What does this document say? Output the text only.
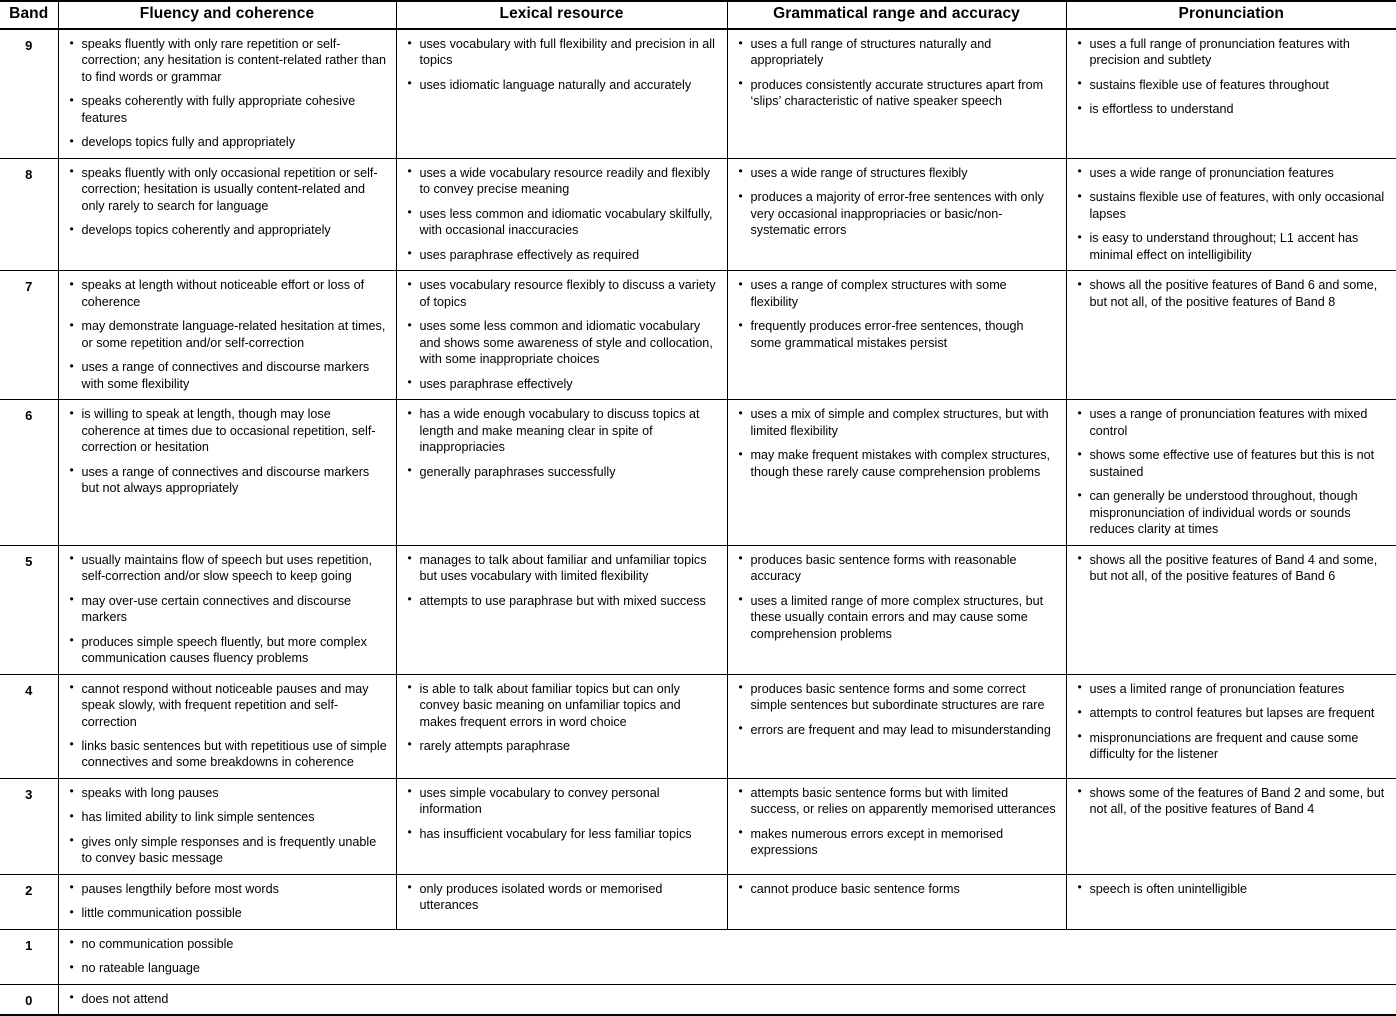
Band	Fluency and coherence	Lexical resource	Grammatical range and accuracy	Pronunciation
9	
•speaks fluently with only rare repetition or self-correction; any hesitation is content-related rather than to find words or grammar
• speaks coherently with fully appropriate cohesive features
• develops topics fully and appropriately

• uses vocabulary with full flexibility and precision in all topics
• uses idiomatic language naturally and accurately

• uses a full range of structures naturally and appropriately
• produces consistently accurate structures apart from ‘slips’ characteristic of native speaker speech

• uses a full range of pronunciation features with precision and subtlety
• sustains flexible use of features throughout
• is effortless to understand

8	
•speaks fluently with only occasional repetition or self-correction; hesitation is usually content-related and only rarely to search for language
• develops topics coherently and appropriately

• uses a wide vocabulary resource readily and flexibly to convey precise meaning
• uses less common and idiomatic vocabulary skilfully, with occasional inaccuracies
• uses paraphrase effectively as required

• uses a wide range of structures flexibly
• produces a majority of error-free sentences with only very occasional inappropriacies or basic/non-systematic errors

• uses a wide range of pronunciation features
• sustains flexible use of features, with only occasional lapses
• is easy to understand throughout; L1 accent has minimal effect on intelligibility

7	
•speaks at length without noticeable effort or loss of coherence
• may demonstrate language-related hesitation at times, or some repetition and/or self-correction
• uses a range of connectives and discourse markers with some flexibility

• uses vocabulary resource flexibly to discuss a variety of topics
• uses some less common and idiomatic vocabulary and shows some awareness of style and collocation, with some inappropriate choices
• uses paraphrase effectively

• uses a range of complex structures with some flexibility
• frequently produces error-free sentences, though some grammatical mistakes persist

• shows all the positive features of Band 6 and some, but not all, of the positive features of Band 8

6	
•is willing to speak at length, though may lose coherence at times due to occasional repetition, self-correction or hesitation
• uses a range of connectives and discourse markers but not always appropriately

• has a wide enough vocabulary to discuss topics at length and make meaning clear in spite of inappropriacies
• generally paraphrases successfully

• uses a mix of simple and complex structures, but with limited flexibility
• may make frequent mistakes with complex structures, though these rarely cause comprehension problems

• uses a range of pronunciation features with mixed control
• shows some effective use of features but this is not sustained
• can generally be understood throughout, though mispronunciation of individual words or sounds reduces clarity at times

5	
•usually maintains flow of speech but uses repetition, self-correction and/or slow speech to keep going
• may over-use certain connectives and discourse markers
• produces simple speech fluently, but more complex communication causes fluency problems

• manages to talk about familiar and unfamiliar topics but uses vocabulary with limited flexibility
• attempts to use paraphrase but with mixed success

• produces basic sentence forms with reasonable accuracy
• uses a limited range of more complex structures, but these usually contain errors and may cause some comprehension problems

• shows all the positive features of Band 4 and some, but not all, of the positive features of Band 6

4	
•cannot respond without noticeable pauses and may speak slowly, with frequent repetition and self-correction
• links basic sentences but with repetitious use of simple connectives and some breakdowns in coherence

• is able to talk about familiar topics but can only convey basic meaning on unfamiliar topics and makes frequent errors in word choice
• rarely attempts paraphrase

• produces basic sentence forms and some correct simple sentences but subordinate structures are rare
• errors are frequent and may lead to misunderstanding

• uses a limited range of pronunciation features
• attempts to control features but lapses are frequent
• mispronunciations are frequent and cause some difficulty for the listener

3	
•speaks with long pauses
• has limited ability to link simple sentences
• gives only simple responses and is frequently unable to convey basic message

• uses simple vocabulary to convey personal information
• has insufficient vocabulary for less familiar topics

• attempts basic sentence forms but with limited success, or relies on apparently memorised utterances
• makes numerous errors except in memorised expressions

• shows some of the features of Band 2 and some, but not all, of the positive features of Band 4

2	
•pauses lengthily before most words
• little communication possible

• only produces isolated words or memorised utterances

• cannot produce basic sentence forms

•speech is often unintelligible

1	
•no communication possible
• no rateable language

0	
•does not attend
